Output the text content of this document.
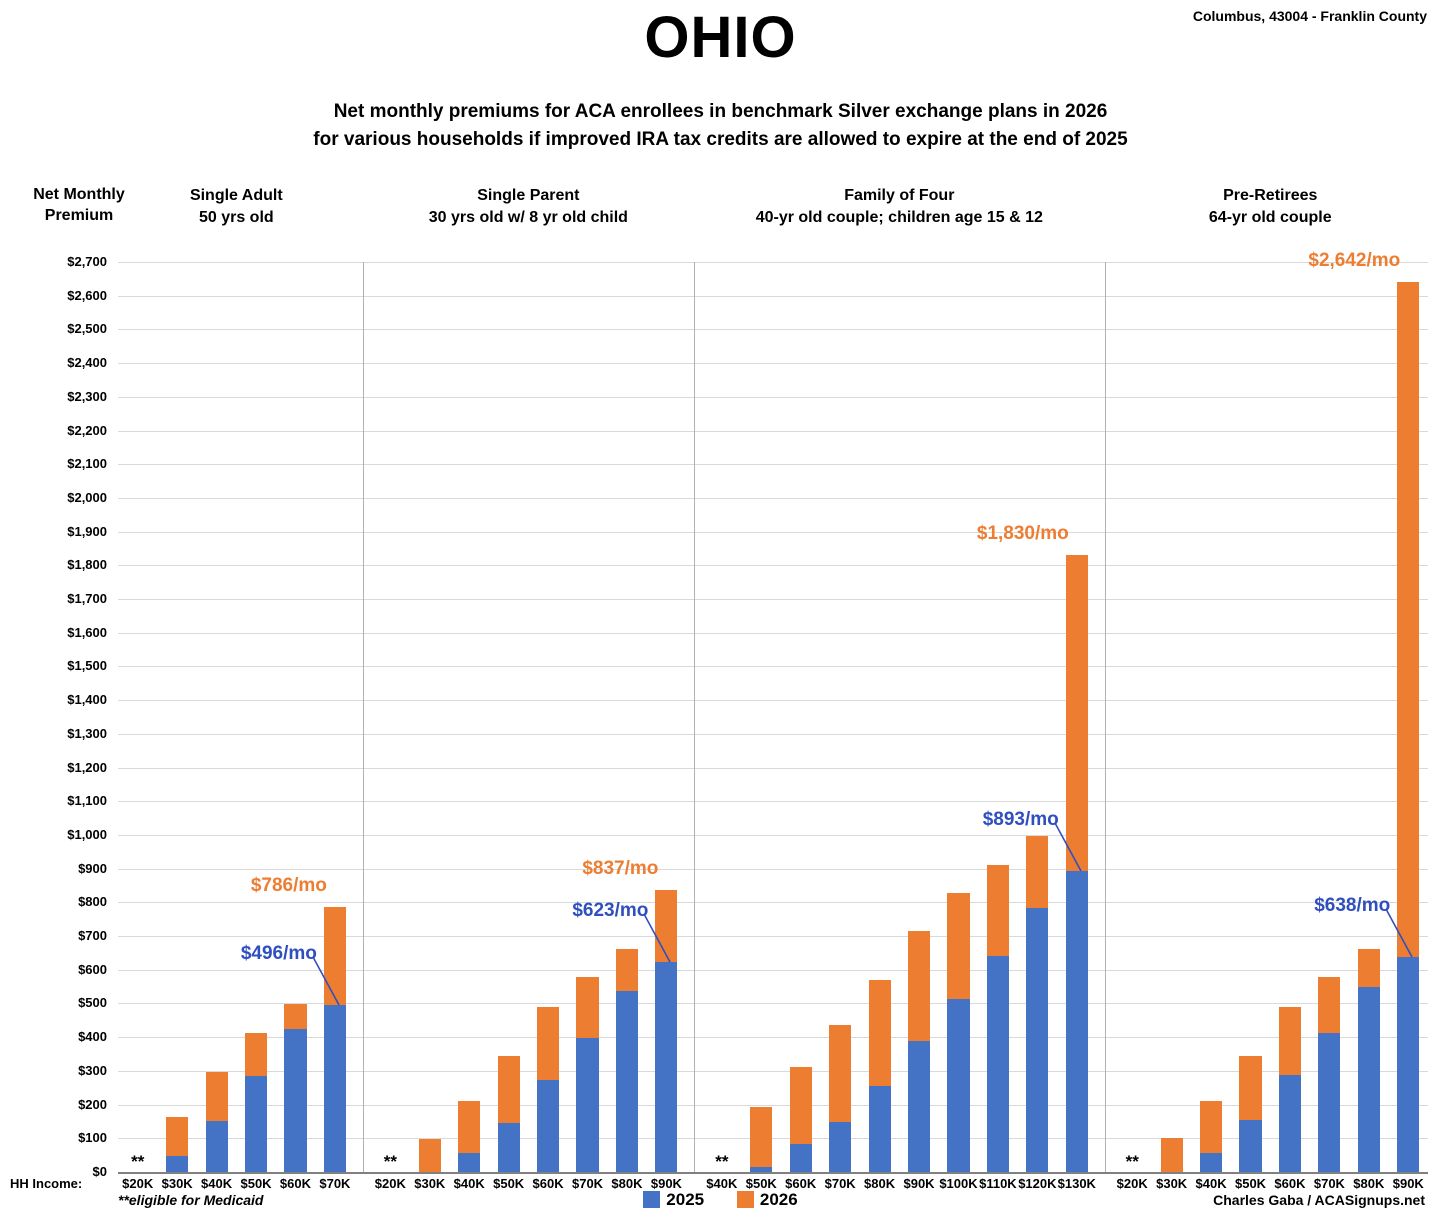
Columbus, 43004 - Franklin County
OHIO
Net monthly premiums for ACA enrollees in benchmark Silver exchange plans in 2026
for various households if improved IRA tax credits are allowed to expire at the end of 2025
Net Monthly
Premium
Single Adult
50 yrs old
Single Parent
30 yrs old w/ 8 yr old child
Family of Four
40-yr old couple; children age 15 & 12
Pre-Retirees
64-yr old couple
$0
$100
$200
$300
$400
$500
$600
$700
$800
$900
$1,000
$1,100
$1,200
$1,300
$1,400
$1,500
$1,600
$1,700
$1,800
$1,900
$2,000
$2,100
$2,200
$2,300
$2,400
$2,500
$2,600
$2,700
$20K
**
$30K $40K $50K $60K $70K	$20K
**
$30K $40K $50K $60K $70K $80K $90K	$40K
**
$50K $60K $70K $80K $90K $100K $110K $120K $130K	$20K
**
$30K $40K $50K $60K $70K $80K $90K
$786/mo
$496/mo
$837/mo
$623/mo
$1,830/mo
$893/mo
$2,642/mo
$638/mo
HH Income:
2025	2026
**eligible for Medicaid	Charles Gaba / ACASignups.net
